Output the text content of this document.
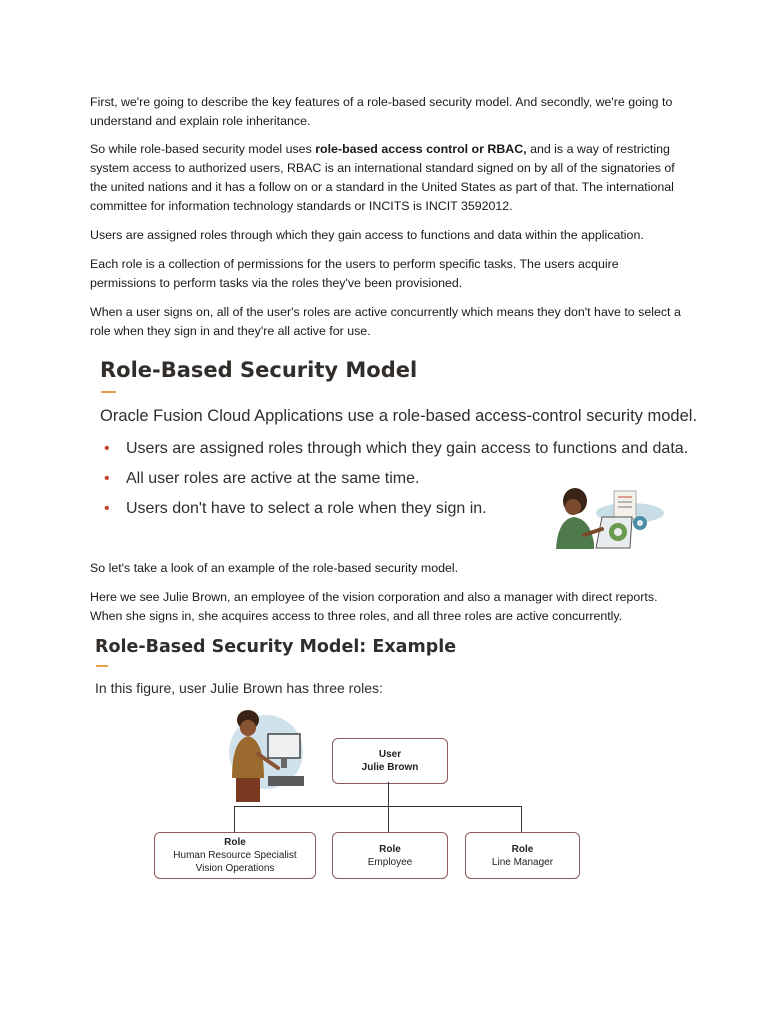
First, we're going to describe the key features of a role-based security model. And secondly, we're going to understand and explain role inheritance.

So while role-based security model uses role-based access control or RBAC, and is a way of restricting system access to authorized users, RBAC is an international standard signed on by all of the signatories of the united nations and it has a follow on or a standard in the United States as part of that. The international committee for information technology standards or INCITS is INCIT 3592012.

Users are assigned roles through which they gain access to functions and data within the application.

Each role is a collection of permissions for the users to perform specific tasks. The users acquire permissions to perform tasks via the roles they've been provisioned.

When a user signs on, all of the user's roles are active concurrently which means they don't have to select a role when they sign in and they're all active for use.

Role-Based Security Model

Oracle Fusion Cloud Applications use a role-based access-control security model.

• Users are assigned roles through which they gain access to functions and data.
• All user roles are active at the same time.
• Users don't have to select a role when they sign in.

So let's take a look of an example of the role-based security model.

Here we see Julie Brown, an employee of the vision corporation and also a manager with direct reports. When she signs in, she acquires access to three roles, and all three roles are active concurrently.

Role-Based Security Model: Example

In this figure, user Julie Brown has three roles:

User
Julie Brown
Role
Human Resource Specialist
Vision Operations
Role
Employee
Role
Line Manager
